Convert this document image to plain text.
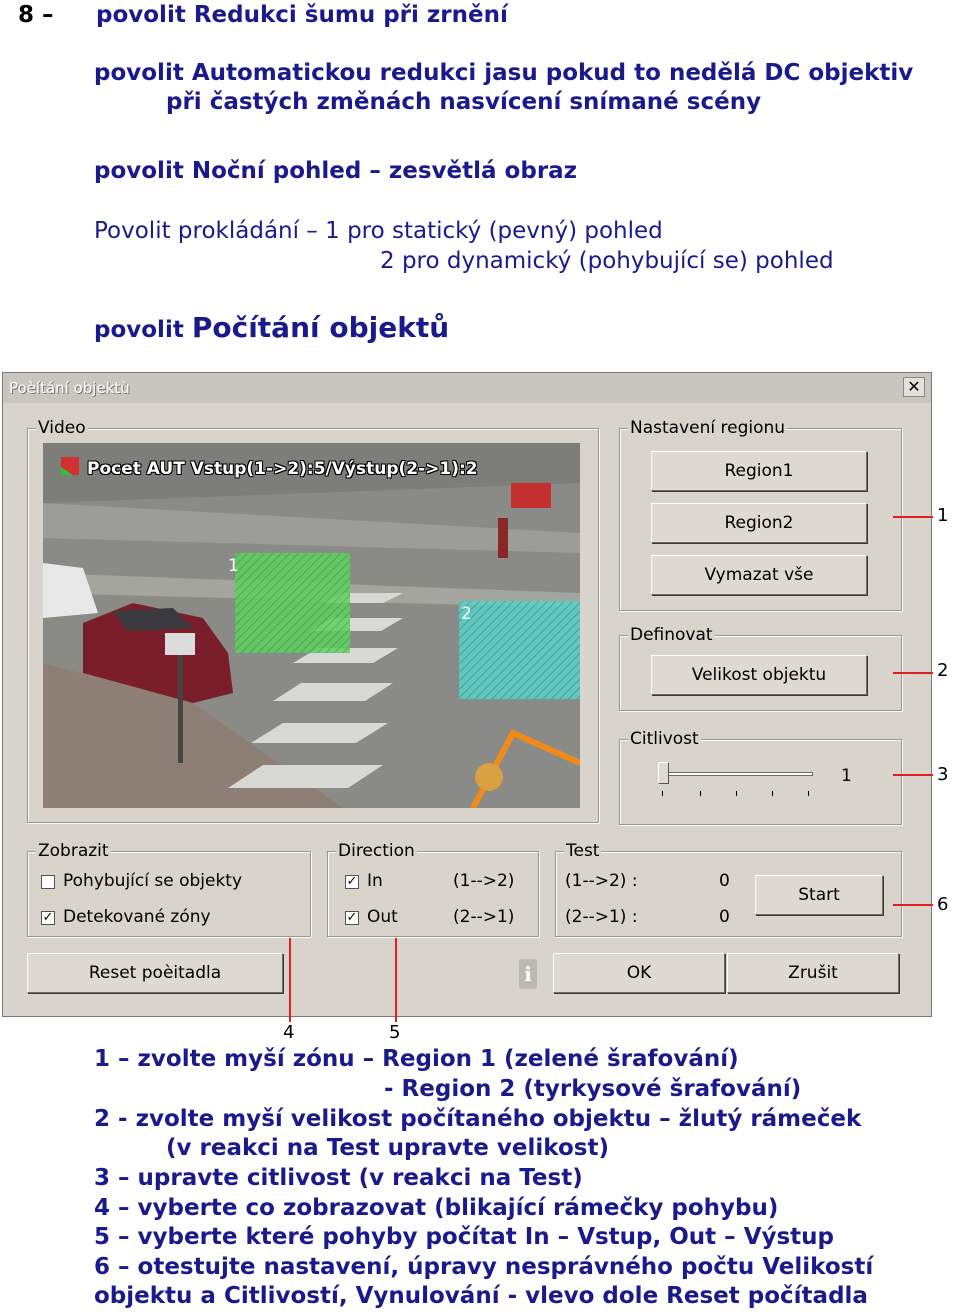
8 – povolit Redukci šumu při zrnění
povolit Automatickou redukci jasu pokud to nedělá DC objektiv
při častých změnách nasvícení snímané scény
povolit Noční pohled – zesvětlá obraz
Povolit prokládání – 1 pro statický (pevný) pohled
2 pro dynamický (pohybující se) pohled
povolit Počítání objektů
Poèítání objektù	✕
Video
1
2
Pocet AUT Vstup(1->2):5/Výstup(2->1):2
Nastavení regionu
Region1
Region2
Vymazat vše
Definovat
Velikost objektu
Citlivost
1
Zobrazit
Pohybující se objekty
✓ Detekované zóny
Direction
✓ In	(1-->2)
✓ Out	(2-->1)
Test
(1-->2) :	0
(2-->1) :	0
Start
Reset poèitadla	i	OK	Zrušit
1
2
3
6
4	5
1 – zvolte myší zónu – Region 1 (zelené šrafování)
- Region 2 (tyrkysové šrafování)
2 - zvolte myší velikost počítaného objektu – žlutý rámeček
(v reakci na Test upravte velikost)
3 – upravte citlivost (v reakci na Test)
4 – vyberte co zobrazovat (blikající rámečky pohybu)
5 – vyberte které pohyby počítat In – Vstup, Out – Výstup
6 – otestujte nastavení, úpravy nesprávného počtu Velikostí
objektu a Citlivostí, Vynulování - vlevo dole Reset počítadla
